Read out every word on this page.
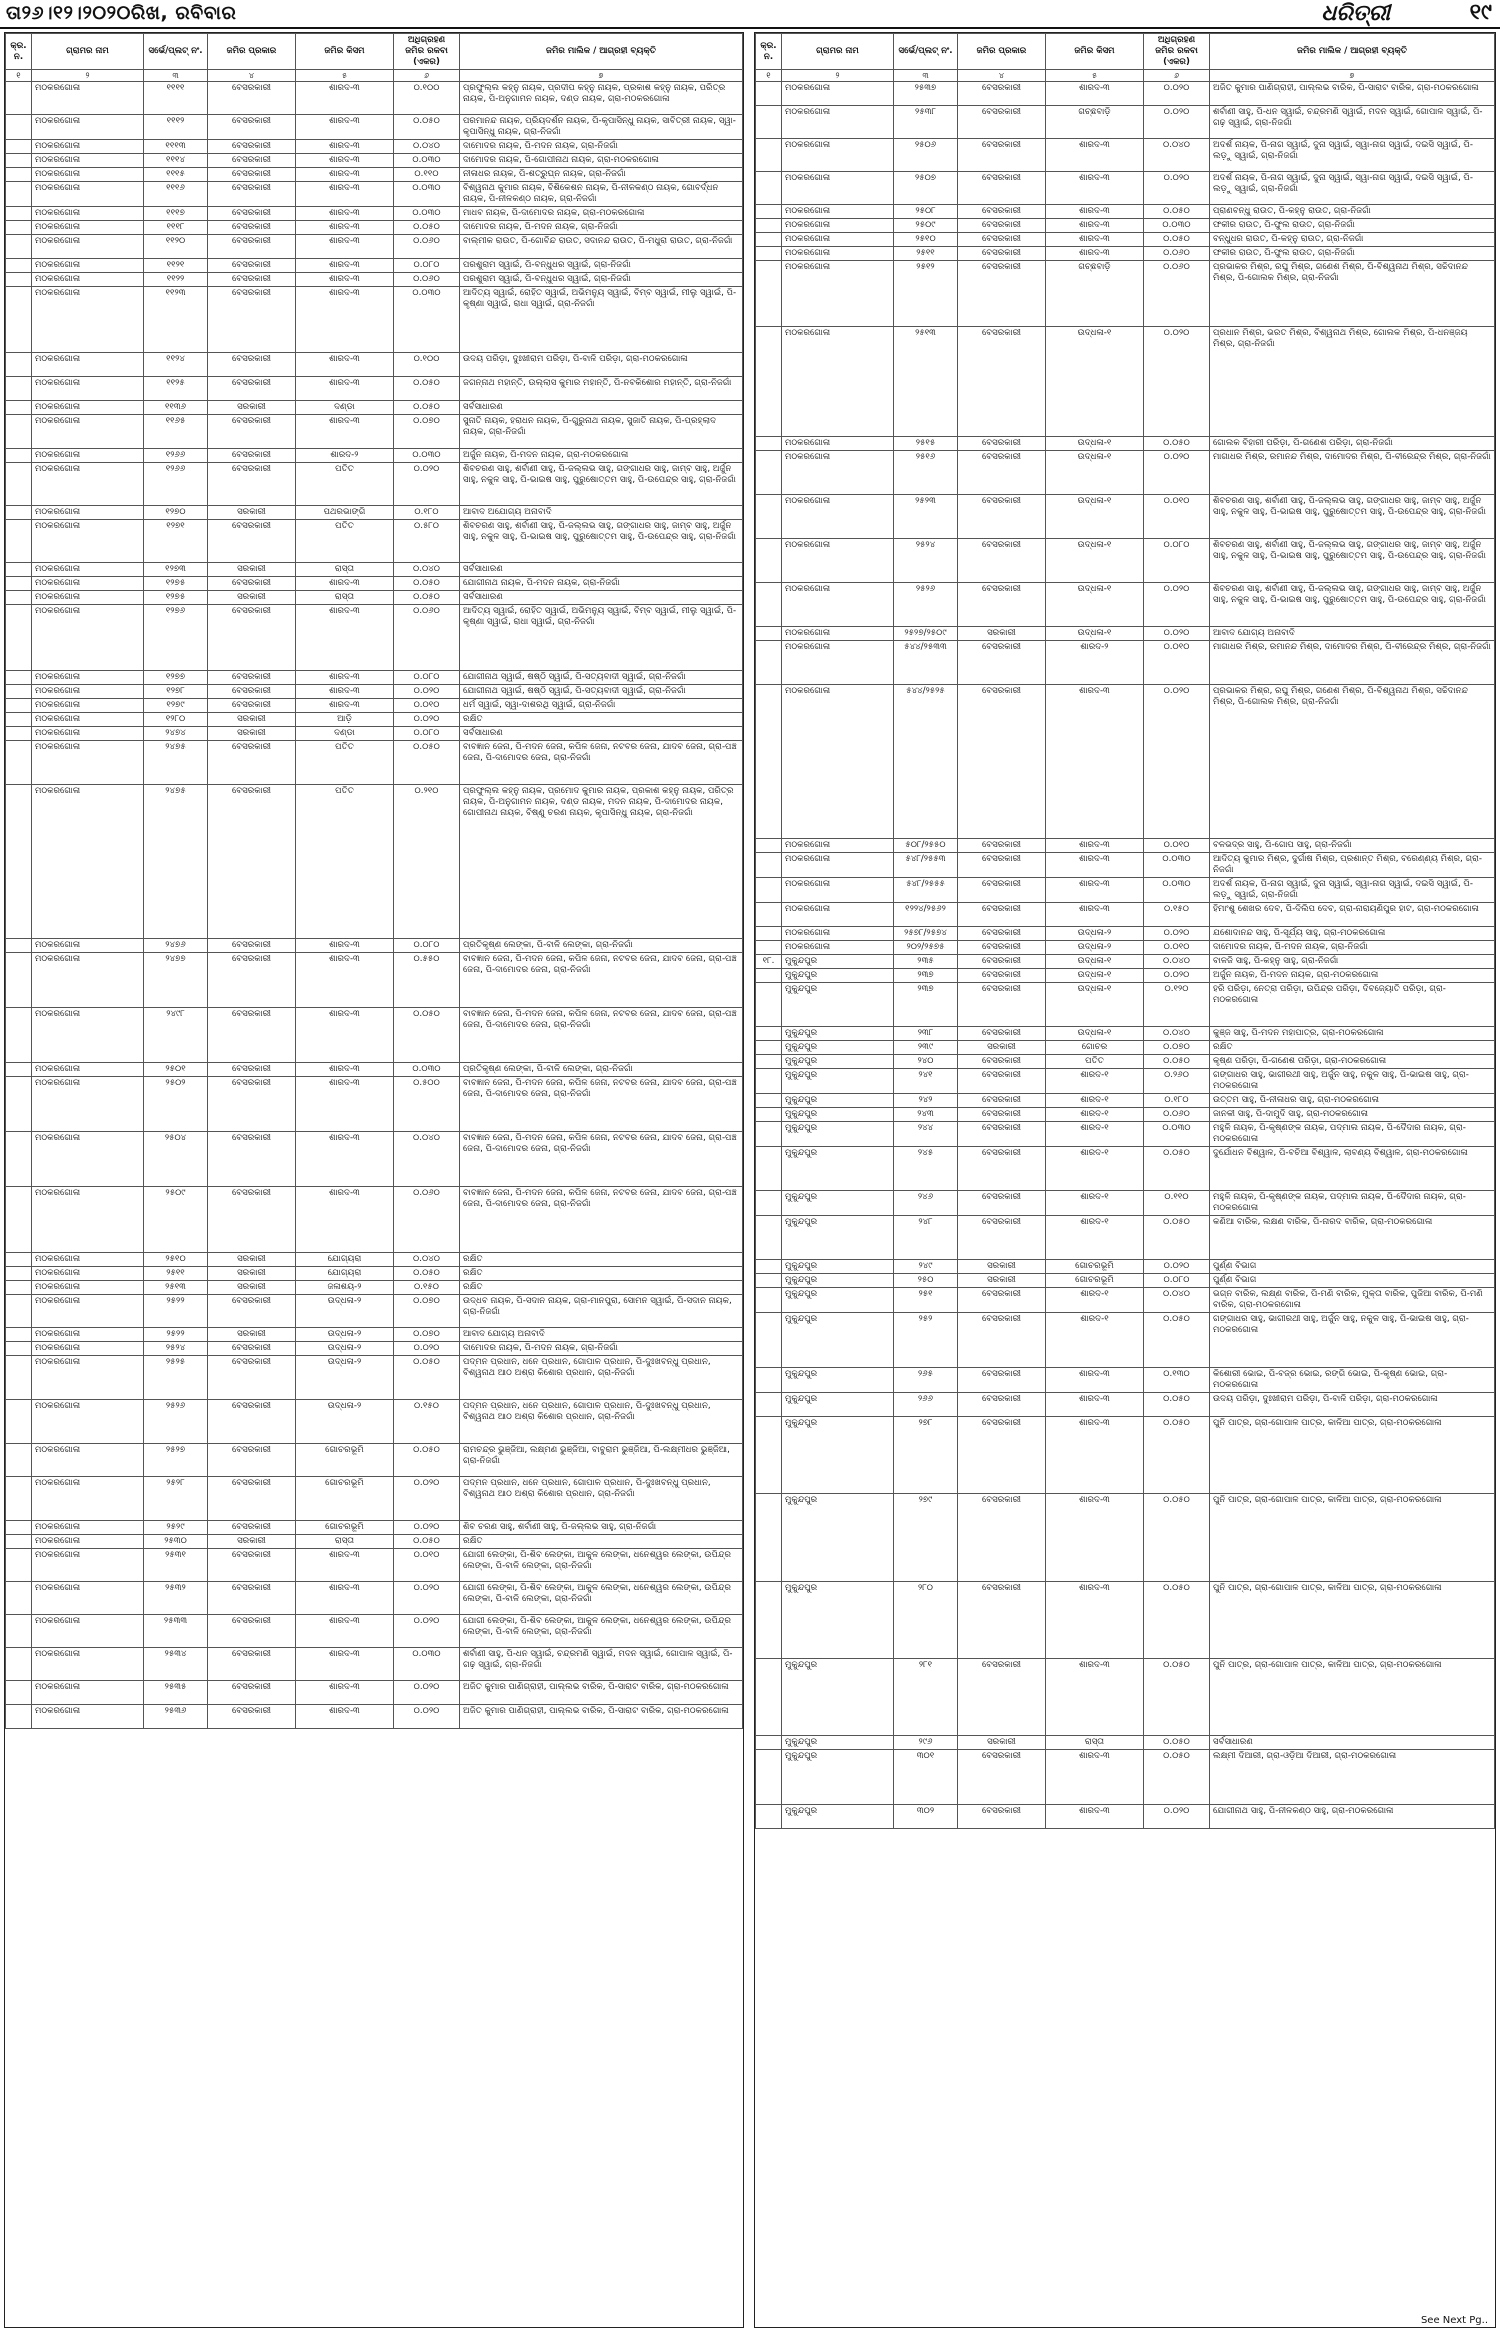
ତା୨୬।୧୨।୨୦୨୦ରିଖ, ରବିବାର	ଧରିତ୍ରୀ	୧୯
କ୍ର. ନ.	ଗ୍ରାମର ନାମ	ସର୍ଭେ/ପ୍ଲଟ୍ ନଂ.	ଜମିର ପ୍ରକାର	ଜମିର କିସମ	ଅଧିଗ୍ରହଣ ଜମିର ରକବା (ଏକର)	ଜମିର ମାଲିକ / ଆଗ୍ରହୀ ବ୍ୟକ୍ତି
୧	୨	୩	୪	୫	୬	୭
	ମଠକରଗୋଳା	୧୧୧୧	ବେସରକାରୀ	ଶାରଦ-୩	୦.୧୦୦	ପ୍ରଫୁଲ୍ଲ କହ୍ନୁ ନାୟକ, ପ୍ରଦୀପ କହ୍ନୁ ନାୟକ, ପ୍ରକାଶ କହ୍ନୁ ନାୟକ, ପରିତ୍ର ନାୟକ, ପି-ଅନୁଗାମନ ନାୟକ, ଦଣ୍ଡ ନାୟକ, ଗ୍ରା-ମଠକରଗୋଳା
	ମଠକରଗୋଳା	୧୧୧୨	ବେସରକାରୀ	ଶାରଦ-୩	୦.୦୫୦	ପରମାନନ୍ଦ ନାୟକ, ପ୍ରିୟଦର୍ଶନ ନାୟକ, ପି-କୃପାସିନ୍ଧୁ ନାୟକ, ସାବିତ୍ରୀ ନାୟକ, ସ୍ୱା-କୃପାସିନ୍ଧୁ ନାୟକ, ଗ୍ରା-ନିଜଗାଁ
	ମଠକରଗୋଳା	୧୧୧୩	ବେସରକାରୀ	ଶାରଦ-୩	୦.୦୪୦	ଦାମୋଦର ନାୟକ, ପି-ମଦନ ନାୟକ, ଗ୍ରା-ନିଜଗାଁ
	ମଠକରଗୋଳା	୧୧୧୪	ବେସରକାରୀ	ଶାରଦ-୩	୦.୦୩୦	ଦାମୋଦର ନାୟକ, ପି-ଗୋପୀନାଥ ନାୟକ, ଗ୍ରା-ମଠକରଗୋଳା
	ମଠକରଗୋଳା	୧୧୧୫	ବେସରକାରୀ	ଶାରଦ-୩	୦.୧୧୦	ନୀଳାଧର ନାୟକ, ପି-ଶତ୍ରୁଘ୍ନ ନାୟକ, ଗ୍ରା-ନିଜଗାଁ
	ମଠକରଗୋଳା	୧୧୧୬	ବେସରକାରୀ	ଶାରଦ-୩	୦.୦୩୦	ବିଶ୍ୱନାଥ କୁମାର ନାୟକ, ବିଶିକେଶନ ନାୟକ, ପି-ନୀଳକଣ୍ଠ ନାୟକ, ଗୋବର୍ଦ୍ଧନ ନାୟକ, ପି-ନୀଳକଣ୍ଠ ନାୟକ, ଗ୍ରା-ନିଜଗାଁ
	ମଠକରଗୋଳା	୧୧୧୭	ବେସରକାରୀ	ଶାରଦ-୩	୦.୦୩୦	ମାଧବ ନାୟକ, ପି-ଦାମୋଦର ନାୟକ, ଗ୍ରା-ମଠକରଗୋଳା
	ମଠକରଗୋଳା	୧୧୧୮	ବେସରକାରୀ	ଶାରଦ-୩	୦.୦୫୦	ଦାମୋଦର ନାୟକ, ପି-ମଦନ ନାୟକ, ଗ୍ରା-ନିଜଗାଁ
	ମଠକରଗୋଳା	୧୧୨୦	ବେସରକାରୀ	ଶାରଦ-୩	୦.୦୬୦	ବାଲ୍ମୀକ ରାଉତ, ପି-ଗୋବିନ୍ଦ ରାଉତ, ସଦାନନ୍ଦ ରାଉତ, ପି-ମଧୁରା ରାଉତ, ଗ୍ରା-ନିଜଗାଁ
	ମଠକରଗୋଳା	୧୧୨୧	ବେସରକାରୀ	ଶାରଦ-୩	୦.୦୮୦	ପରଶୁରାମ ସ୍ୱାଇଁ, ପି-ବନ୍ଧୁଧର ସ୍ୱାଇଁ, ଗ୍ରା-ନିଜଗାଁ
	ମଠକରଗୋଳା	୧୧୨୨	ବେସରକାରୀ	ଶାରଦ-୩	୦.୦୬୦	ପରଶୁରାମ ସ୍ୱାଇଁ, ପି-ବନ୍ଧୁଧର ସ୍ୱାଇଁ, ଗ୍ରା-ନିଜଗାଁ
	ମଠକରଗୋଳା	୧୧୨୩	ବେସରକାରୀ	ଶାରଦ-୩	୦.୦୩୦	ଆଦିତ୍ୟ ସ୍ୱାଇଁ, ରୋହିତ ସ୍ୱାଇଁ, ଅଭିମନ୍ୟୁ ସ୍ୱାଇଁ, ବିମ୍ବ ସ୍ୱାଇଁ, ମୀଲୁ ସ୍ୱାଇଁ, ପି-କୃଷ୍ଣା ସ୍ୱାଇଁ, ରାଧା ସ୍ୱାଇଁ, ଗ୍ରା-ନିଜଗାଁ
	ମଠକରଗୋଳା	୧୧୨୪	ବେସରକାରୀ	ଶାରଦ-୩	୦.୧୦୦	ଉଦୟ ପରିଡ଼ା, ଦୁଃଖୀରାମ ପରିଡ଼ା, ପି-ବାଳି ପରିଡ଼ା, ଗ୍ରା-ମଠକରଗୋଳା
	ମଠକରଗୋଳା	୧୧୨୫	ବେସରକାରୀ	ଶାରଦ-୩	୦.୦୫୦	ଜଗନ୍ନାଥ ମହାନ୍ତି, ଉଲ୍ଲାସ କୁମାର ମହାନ୍ତି, ପି-ନବକିଶୋର ମହାନ୍ତି, ଗ୍ରା-ନିଜଗାଁ
	ମଠକରଗୋଳା	୧୧୩୬	ସରକାରୀ	ଦଣ୍ଡା	୦.୦୫୦	ସର୍ବସାଧାରଣ
	ମଠକରଗୋଳା	୧୧୬୫	ବେସରକାରୀ	ଶାରଦ-୩	୦.୦୭୦	ସୁନାତି ନାୟକ, ହରାଧନ ନାୟକ, ପି-ଗୁରୁନାଥ ନାୟକ, ସୁଜାତି ନାୟକ, ପି-ପ୍ରହ୍ଲାଦ ନାୟକ, ଗ୍ରା-ନିଜଗାଁ
	ମଠକରଗୋଳା	୧୨୬୬	ବେସରକାରୀ	ଶାରଦ-୨	୦.୦୩୦	ଅର୍ଜୁନ ନାୟକ, ପି-ମଦନ ନାୟକ, ଗ୍ରା-ମଠକରଗୋଳା
	ମଠକରଗୋଳା	୧୨୬୬	ବେସରକାରୀ	ପତିତ	୦.୦୨୦	ଶିବଚରଣ ସାହୁ, ଶର୍ବାଣୀ ସାହୁ, ପି-ଜଲ୍ଲଭ ସାହୁ, ଗଙ୍ଗାଧର ସାହୁ, ଜାମ୍ବ ସାହୁ, ଅର୍ଜୁନ ସାହୁ, ନକୁଳ ସାହୁ, ପି-ଭାଇଷ ସାହୁ, ପୁରୁଷୋତ୍ତମ ସାହୁ, ପି-ଉପେନ୍ଦ୍ର ସାହୁ, ଗ୍ରା-ନିଜଗାଁ
	ମଠକରଗୋଳା	୧୨୭୦	ସରକାରୀ	ପଥରଭାଙ୍ଗି	୦.୧୮୦	ଆବାଦ ଅଯୋଗ୍ୟ ଅନାବାଦି
	ମଠକରଗୋଳା	୧୨୭୧	ବେସରକାରୀ	ପତିତ	୦.୫୮୦	ଶିବଚରଣ ସାହୁ, ଶର୍ବାଣୀ ସାହୁ, ପି-ଜଲ୍ଲଭ ସାହୁ, ଗଙ୍ଗାଧର ସାହୁ, ଜାମ୍ବ ସାହୁ, ଅର୍ଜୁନ ସାହୁ, ନକୁଳ ସାହୁ, ପି-ଭାଇଷ ସାହୁ, ପୁରୁଷୋତ୍ତମ ସାହୁ, ପି-ଉପେନ୍ଦ୍ର ସାହୁ, ଗ୍ରା-ନିଜଗାଁ
	ମଠକରଗୋଳା	୧୨୭୩	ସରକାରୀ	ରାସ୍ତା	୦.୦୪୦	ସର୍ବସାଧାରଣ
	ମଠକରଗୋଳା	୧୨୭୫	ବେସରକାରୀ	ଶାରଦ-୩	୦.୦୫୦	ଯୋଗୀନାଥ ନାୟକ, ପି-ମଦନ ନାୟକ, ଗ୍ରା-ନିଜଗାଁ
	ମଠକରଗୋଳା	୧୨୭୫	ସରକାରୀ	ରାସ୍ତା	୦.୦୫୦	ସର୍ବସାଧାରଣ
	ମଠକରଗୋଳା	୧୨୭୬	ବେସରକାରୀ	ଶାରଦ-୩	୦.୦୬୦	ଆଦିତ୍ୟ ସ୍ୱାଇଁ, ରୋହିତ ସ୍ୱାଇଁ, ଅଭିମନ୍ୟୁ ସ୍ୱାଇଁ, ବିମ୍ବ ସ୍ୱାଇଁ, ମୀଲୁ ସ୍ୱାଇଁ, ପି-କୃଷ୍ଣା ସ୍ୱାଇଁ, ରାଧା ସ୍ୱାଇଁ, ଗ୍ରା-ନିଜଗାଁ
	ମଠକରଗୋଳା	୧୨୭୭	ବେସରକାରୀ	ଶାରଦ-୩	୦.୦୮୦	ଯୋଗୀନାଥ ସ୍ୱାଇଁ, ଷଷ୍ଠି ସ୍ୱାଇଁ, ପି-ସତ୍ୟବାଦୀ ସ୍ୱାଇଁ, ଗ୍ରା-ନିଜଗାଁ
	ମଠକରଗୋଳା	୧୨୭୮	ବେସରକାରୀ	ଶାରଦ-୩	୦.୦୨୦	ଯୋଗୀନାଥ ସ୍ୱାଇଁ, ଷଷ୍ଠି ସ୍ୱାଇଁ, ପି-ସତ୍ୟବାଦୀ ସ୍ୱାଇଁ, ଗ୍ରା-ନିଜଗାଁ
	ମଠକରଗୋଳା	୧୨୭୯	ବେସରକାରୀ	ଶାରଦ-୩	୦.୦୧୦	ଧର୍ମ ସ୍ୱାଇଁ, ସ୍ୱା-ଦାଶରଥି ସ୍ୱାଇଁ, ଗ୍ରା-ନିଜଗାଁ
	ମଠକରଗୋଳା	୧୨୮୦	ସରକାରୀ	ଆଡ଼ି	୦.୦୨୦	ରକ୍ଷିତ
	ମଠକରଗୋଳା	୨୪୭୪	ସରକାରୀ	ଦଣ୍ଡା	୦.୦୮୦	ସର୍ବସାଧାରଣ
	ମଠକରଗୋଳା	୨୪୭୫	ବେସରକାରୀ	ପତିତ	୦.୦୫୦	ବାବଜ୍ଞାନ ଜେନା, ପି-ମଦନ ଜେନା, କପିଳ ଜେନା, ନଟବର ଜେନା, ଯାଦବ ଜେନା, ଗ୍ରା-ପଞ୍ଚ ଜେନା, ପି-ଦାମୋଦର ଜେନା, ଗ୍ରା-ନିଜଗାଁ
	ମଠକରଗୋଳା	୨୪୭୫	ବେସରକାରୀ	ପତିତ	୦.୨୧୦	ପ୍ରଫୁଲ୍ଲ କହ୍ନୁ ନାୟକ, ପ୍ରମୋଦ କୁମାର ନାୟକ, ପ୍ରକାଶ କହ୍ନୁ ନାୟକ, ପରିତ୍ର ନାୟକ, ପି-ଅନୁଗାମନ ନାୟକ, ଦଣ୍ଡ ନାୟକ, ମଦନ ନାୟକ, ପି-ଦାମୋଦର ନାୟକ, ଗୋପୀନାଥ ନାୟକ, ବିଷ୍ଣୁ ଚରଣ ନାୟକ, କୃପାସିନ୍ଧୁ ନାୟକ, ଗ୍ରା-ନିଜଗାଁ
	ମଠକରଗୋଳା	୨୪୭୬	ବେସରକାରୀ	ଶାରଦ-୩	୦.୦୮୦	ପ୍ରତିକୃଷ୍ଣ ଲେଙ୍କା, ପି-ବାଳି ଲେଙ୍କା, ଗ୍ରା-ନିଜଗାଁ
	ମଠକରଗୋଳା	୨୪୭୭	ବେସରକାରୀ	ଶାରଦ-୩	୦.୫୫୦	ବାବଜ୍ଞାନ ଜେନା, ପି-ମଦନ ଜେନା, କପିଳ ଜେନା, ନଟବର ଜେନା, ଯାଦବ ଜେନା, ଗ୍ରା-ପଞ୍ଚ ଜେନା, ପି-ଦାମୋଦର ଜେନା, ଗ୍ରା-ନିଜଗାଁ
	ମଠକରଗୋଳା	୨୪୯୮	ବେସରକାରୀ	ଶାରଦ-୩	୦.୦୫୦	ବାବଜ୍ଞାନ ଜେନା, ପି-ମଦନ ଜେନା, କପିଳ ଜେନା, ନଟବର ଜେନା, ଯାଦବ ଜେନା, ଗ୍ରା-ପଞ୍ଚ ଜେନା, ପି-ଦାମୋଦର ଜେନା, ଗ୍ରା-ନିଜଗାଁ
	ମଠକରଗୋଳା	୨୫୦୧	ବେସରକାରୀ	ଶାରଦ-୩	୦.୦୩୦	ପ୍ରତିକୃଷ୍ଣ ଲେଙ୍କା, ପି-ବାଳି ଲେଙ୍କା, ଗ୍ରା-ନିଜଗାଁ
	ମଠକରଗୋଳା	୨୫୦୨	ବେସରକାରୀ	ଶାରଦ-୩	୦.୫୦୦	ବାବଜ୍ଞାନ ଜେନା, ପି-ମଦନ ଜେନା, କପିଳ ଜେନା, ନଟବର ଜେନା, ଯାଦବ ଜେନା, ଗ୍ରା-ପଞ୍ଚ ଜେନା, ପି-ଦାମୋଦର ଜେନା, ଗ୍ରା-ନିଜଗାଁ
	ମଠକରଗୋଳା	୨୫୦୪	ବେସରକାରୀ	ଶାରଦ-୩	୦.୦୪୦	ବାବଜ୍ଞାନ ଜେନା, ପି-ମଦନ ଜେନା, କପିଳ ଜେନା, ନଟବର ଜେନା, ଯାଦବ ଜେନା, ଗ୍ରା-ପଞ୍ଚ ଜେନା, ପି-ଦାମୋଦର ଜେନା, ଗ୍ରା-ନିଜଗାଁ
	ମଠକରଗୋଳା	୨୫୦୯	ବେସରକାରୀ	ଶାରଦ-୩	୦.୦୬୦	ବାବଜ୍ଞାନ ଜେନା, ପି-ମଦନ ଜେନା, କପିଳ ଜେନା, ନଟବର ଜେନା, ଯାଦବ ଜେନା, ଗ୍ରା-ପଞ୍ଚ ଜେନା, ପି-ଦାମୋଦର ଜେନା, ଗ୍ରା-ନିଜଗାଁ
	ମଠକରଗୋଳା	୨୫୧୦	ସରକାରୀ	ଯୋଗ୍ୟରା	୦.୦୪୦	ରକ୍ଷିତ
	ମଠକରଗୋଳା	୨୫୧୧	ସରକାରୀ	ଯୋଗ୍ୟରା	୦.୦୫୦	ରକ୍ଷିତ
	ମଠକରଗୋଳା	୨୫୧୩	ସରକାରୀ	ଜଳାଶୟ-୨	୦.୧୫୦	ରକ୍ଷିତ
	ମଠକରଗୋଳା	୨୫୨୨	ବେସରକାରୀ	ଉଦ୍ଧଳା-୨	୦.୦୭୦	ଉଦ୍ଧବ ନାୟକ, ପି-ସଦାନ ନାୟକ, ଗ୍ରା-ମାନପୁରା, ସୋମନ ସ୍ୱାଇଁ, ପି-ସଦାନ ନାୟକ, ଗ୍ରା-ନିଜଗାଁ
	ମଠକରଗୋଳା	୨୫୨୨	ସରକାରୀ	ଉଦ୍ଧଳା-୨	୦.୦୭୦	ଆବାଦ ଯୋଗ୍ୟ ଅନାବାଦି
	ମଠକରଗୋଳା	୨୫୨୪	ବେସରକାରୀ	ଉଦ୍ଧଳା-୨	୦.୦୨୦	ଦାମୋଦର ନାୟକ, ପି-ମଦନ ନାୟକ, ଗ୍ରା-ନିଜଗାଁ
	ମଠକରଗୋଳା	୨୫୨୫	ବେସରକାରୀ	ଉଦ୍ଧଳା-୨	୦.୦୫୦	ପଦ୍ମନ ପ୍ରଧାନ, ଧନେ ପ୍ରଧାନ, ଗୋପାଳ ପ୍ରଧାନ, ପି-ଦୁଃଖବନ୍ଧୁ ପ୍ରଧାନ, ବିଶ୍ୱନାଥ ଆଠ ଅଶ୍ରା କିଶୋର ପ୍ରଧାନ, ଗ୍ରା-ନିଜଗାଁ
	ମଠକରଗୋଳା	୨୫୨୬	ବେସରକାରୀ	ଉଦ୍ଧଳା-୨	୦.୧୫୦	ପଦ୍ମନ ପ୍ରଧାନ, ଧନେ ପ୍ରଧାନ, ଗୋପାଳ ପ୍ରଧାନ, ପି-ଦୁଃଖବନ୍ଧୁ ପ୍ରଧାନ, ବିଶ୍ୱନାଥ ଆଠ ଅଶ୍ରା କିଶୋର ପ୍ରଧାନ, ଗ୍ରା-ନିଜଗାଁ
	ମଠକରଗୋଳା	୨୫୨୭	ବେସରକାରୀ	ଗୋଚରଭୂମି	୦.୦୫୦	ରାମଚନ୍ଦ୍ର ଭୁଞ୍ଜିଆ, ଲକ୍ଷ୍ମଣ ଭୁଞ୍ଜିଆ, ବାବୁରାମ ଭୁଞ୍ଜିଆ, ପି-ଲକ୍ଷ୍ମୀଧର ଭୁଞ୍ଜିଆ, ଗ୍ରା-ନିଜଗାଁ
	ମଠକରଗୋଳା	୨୫୨୮	ବେସରକାରୀ	ଗୋଚରଭୂମି	୦.୦୨୦	ପଦ୍ମନ ପ୍ରଧାନ, ଧନେ ପ୍ରଧାନ, ଗୋପାଳ ପ୍ରଧାନ, ପି-ଦୁଃଖବନ୍ଧୁ ପ୍ରଧାନ, ବିଶ୍ୱନାଥ ଆଠ ଅଶ୍ରା କିଶୋର ପ୍ରଧାନ, ଗ୍ରା-ନିଜଗାଁ
	ମଠକରଗୋଳା	୨୫୨୯	ବେସରକାରୀ	ଗୋଚରଭୂମି	୦.୦୨୦	ଶିବ ଚରଣ ସାହୁ, ଶର୍ବାଣୀ ସାହୁ, ପି-ଜଲ୍ଲଭ ସାହୁ, ଗ୍ରା-ନିଜଗାଁ
	ମଠକରଗୋଳା	୨୫୩୦	ସରକାରୀ	ରାସ୍ତା	୦.୦୫୦	ରକ୍ଷିତ
	ମଠକରଗୋଳା	୨୫୩୧	ବେସରକାରୀ	ଶାରଦ-୩	୦.୦୧୦	ଯୋଗୀ ଲେଙ୍କା, ପି-ଶିବ ଲେଙ୍କା, ଆକୁଳ ଲେଙ୍କା, ଧନେଶ୍ୱର ଲେଙ୍କା, ଉପିନ୍ଦ୍ର ଲେଙ୍କା, ପି-ବାଳି ଲେଙ୍କା, ଗ୍ରା-ନିଜଗାଁ
	ମଠକରଗୋଳା	୨୫୩୨	ବେସରକାରୀ	ଶାରଦ-୩	୦.୦୨୦	ଯୋଗୀ ଲେଙ୍କା, ପି-ଶିବ ଲେଙ୍କା, ଆକୁଳ ଲେଙ୍କା, ଧନେଶ୍ୱର ଲେଙ୍କା, ଉପିନ୍ଦ୍ର ଲେଙ୍କା, ପି-ବାଳି ଲେଙ୍କା, ଗ୍ରା-ନିଜଗାଁ
	ମଠକରଗୋଳା	୨୫୩୩	ବେସରକାରୀ	ଶାରଦ-୩	୦.୦୨୦	ଯୋଗୀ ଲେଙ୍କା, ପି-ଶିବ ଲେଙ୍କା, ଆକୁଳ ଲେଙ୍କା, ଧନେଶ୍ୱର ଲେଙ୍କା, ଉପିନ୍ଦ୍ର ଲେଙ୍କା, ପି-ବାଳି ଲେଙ୍କା, ଗ୍ରା-ନିଜଗାଁ
	ମଠକରଗୋଳା	୨୫୩୪	ବେସରକାରୀ	ଶାରଦ-୩	୦.୦୩୦	ଶର୍ବାଣୀ ସାହୁ, ପି-ଧନ ସ୍ୱାଇଁ, ଚନ୍ଦ୍ରମଣି ସ୍ୱାଇଁ, ମଦନ ସ୍ୱାଇଁ, ଗୋପାଳ ସ୍ୱାଇଁ, ପି-ଗଢ଼ ସ୍ୱାଇଁ, ଗ୍ରା-ନିଜଗାଁ
	ମଠକରଗୋଳା	୨୫୩୫	ବେସରକାରୀ	ଶାରଦ-୩	୦.୦୨୦	ଅଜିତ କୁମାର ପାଣିଗ୍ରାହୀ, ପାଲ୍ଲଭ ବାରିକ, ପି-ସାରାଟ ବାରିକ, ଗ୍ରା-ମଠକରଗୋଳା
	ମଠକରଗୋଳା	୨୫୩୬	ବେସରକାରୀ	ଶାରଦ-୩	୦.୦୨୦	ଅଜିତ କୁମାର ପାଣିଗ୍ରାହୀ, ପାଲ୍ଲଭ ବାରିକ, ପି-ସାରାଟ ବାରିକ, ଗ୍ରା-ମଠକରଗୋଳା
କ୍ର. ନ.	ଗ୍ରାମର ନାମ	ସର୍ଭେ/ପ୍ଲଟ୍ ନଂ.	ଜମିର ପ୍ରକାର	ଜମିର କିସମ	ଅଧିଗ୍ରହଣ ଜମିର ରକବା (ଏକର)	ଜମିର ମାଲିକ / ଆଗ୍ରହୀ ବ୍ୟକ୍ତି
୧	୨	୩	୪	୫	୬	୭
	ମଠକରଗୋଳା	୨୫୩୭	ବେସରକାରୀ	ଶାରଦ-୩	୦.୦୨୦	ଅଜିତ କୁମାର ପାଣିଗ୍ରାହୀ, ପାଲ୍ଲଭ ବାରିକ, ପି-ସାରାଟ ବାରିକ, ଗ୍ରା-ମଠକରଗୋଳା
	ମଠକରଗୋଳା	୨୫୩୮	ବେସରକାରୀ	ଗଚ୍ଛବାଡ଼ି	୦.୦୨୦	ଶର୍ବାଣୀ ସାହୁ, ପି-ଧନ ସ୍ୱାଇଁ, ଚନ୍ଦ୍ରମଣି ସ୍ୱାଇଁ, ମଦନ ସ୍ୱାଇଁ, ଗୋପାଳ ସ୍ୱାଇଁ, ପି-ଗଢ଼ ସ୍ୱାଇଁ, ଗ୍ରା-ନିଜଗାଁ
	ମଠକରଗୋଳା	୨୫୦୬	ବେସରକାରୀ	ଶାରଦ-୩	୦.୦୪୦	ଅଦର୍ଶ ନାୟକ, ପି-ନାଗ ସ୍ୱାଇଁ, ଦୁନା ସ୍ୱାଇଁ, ସ୍ୱା-ନାଗ ସ୍ୱାଇଁ, ଦଇସି ସ୍ୱାଇଁ, ପି-ଲଡ଼ୁ ସ୍ୱାଇଁ, ଗ୍ରା-ନିଜଗାଁ
	ମଠକରଗୋଳା	୨୫୦୭	ବେସରକାରୀ	ଶାରଦ-୩	୦.୦୨୦	ଅଦର୍ଶ ନାୟକ, ପି-ନାଗ ସ୍ୱାଇଁ, ଦୁନା ସ୍ୱାଇଁ, ସ୍ୱା-ନାଗ ସ୍ୱାଇଁ, ଦଇସି ସ୍ୱାଇଁ, ପି-ଲଡ଼ୁ ସ୍ୱାଇଁ, ଗ୍ରା-ନିଜଗାଁ
	ମଠକରଗୋଳା	୨୫୦୮	ବେସରକାରୀ	ଶାରଦ-୩	୦.୦୫୦	ପ୍ରାଣବନ୍ଧୁ ରାଉତ, ପି-କହ୍ନୁ ରାଉତ, ଗ୍ରା-ନିଜଗାଁ
	ମଠକରଗୋଳା	୨୫୦୯	ବେସରକାରୀ	ଶାରଦ-୩	୦.୦୩୦	ଫକୀର ରାଉତ, ପି-ଫୁଲ ରାଉତ, ଗ୍ରା-ନିଜଗାଁ
	ମଠକରଗୋଳା	୨୫୧୦	ବେସରକାରୀ	ଶାରଦ-୩	୦.୦୫୦	ବନ୍ଧୁଧର ରାଉତ, ପି-କହ୍ନୁ ରାଉତ, ଗ୍ରା-ନିଜଗାଁ
	ମଠକରଗୋଳା	୨୫୧୧	ବେସରକାରୀ	ଶାରଦ-୩	୦.୦୬୦	ଫକୀର ରାଉତ, ପି-ଫୁଲ ରାଉତ, ଗ୍ରା-ନିଜଗାଁ
	ମଠକରଗୋଳା	୨୫୧୨	ବେସରକାରୀ	ଗଚ୍ଛବାଡ଼ି	୦.୦୬୦	ପ୍ରଭାକର ମିଶ୍ର, ରଘୁ ମିଶ୍ର, ଗଣେଶ ମିଶ୍ର, ପି-ବିଶ୍ୱନାଥ ମିଶ୍ର, ସଚ୍ଚିଦାନନ୍ଦ ମିଶ୍ର, ପି-ଗୋଲକ ମିଶ୍ର, ଗ୍ରା-ନିଜଗାଁ
	ମଠକରଗୋଳା	୨୫୧୩	ବେସରକାରୀ	ଉଦ୍ଧଳା-୧	୦.୦୨୦	ପ୍ରଧାନ ମିଶ୍ର, ଭରତ ମିଶ୍ର, ବିଶ୍ୱନାଥ ମିଶ୍ର, ଗୋଲକ ମିଶ୍ର, ପି-ଧନଞ୍ଜୟ ମିଶ୍ର, ଗ୍ରା-ନିଜଗାଁ
	ମଠକରଗୋଳା	୨୫୧୫	ବେସରକାରୀ	ଉଦ୍ଧଳା-୧	୦.୦୫୦	ଗୋଲକ ବିହାରୀ ପରିଡ଼ା, ପି-ଗଣେଶ ପରିଡ଼ା, ଗ୍ରା-ନିଜଗାଁ
	ମଠକରଗୋଳା	୨୫୧୬	ବେସରକାରୀ	ଉଦ୍ଧଳା-୧	୦.୦୨୦	ମାଗାଧର ମିଶ୍ର, ରମାନନ୍ଦ ମିଶ୍ର, ଦାମୋଦର ମିଶ୍ର, ପି-ବୀରେନ୍ଦ୍ର ମିଶ୍ର, ଗ୍ରା-ନିଜଗାଁ
	ମଠକରଗୋଳା	୨୫୨୩	ବେସରକାରୀ	ଉଦ୍ଧଳା-୧	୦.୦୧୦	ଶିବଚରଣ ସାହୁ, ଶର୍ବାଣୀ ସାହୁ, ପି-ଜଲ୍ଲଭ ସାହୁ, ଗଙ୍ଗାଧର ସାହୁ, ଜାମ୍ବ ସାହୁ, ଅର୍ଜୁନ ସାହୁ, ନକୁଳ ସାହୁ, ପି-ଭାଇଷ ସାହୁ, ପୁରୁଷୋତ୍ତମ ସାହୁ, ପି-ଉପେନ୍ଦ୍ର ସାହୁ, ଗ୍ରା-ନିଜଗାଁ
	ମଠକରଗୋଳା	୨୫୨୪	ବେସରକାରୀ	ଉଦ୍ଧଳା-୧	୦.୦୮୦	ଶିବଚରଣ ସାହୁ, ଶର୍ବାଣୀ ସାହୁ, ପି-ଜଲ୍ଲଭ ସାହୁ, ଗଙ୍ଗାଧର ସାହୁ, ଜାମ୍ବ ସାହୁ, ଅର୍ଜୁନ ସାହୁ, ନକୁଳ ସାହୁ, ପି-ଭାଇଷ ସାହୁ, ପୁରୁଷୋତ୍ତମ ସାହୁ, ପି-ଉପେନ୍ଦ୍ର ସାହୁ, ଗ୍ରା-ନିଜଗାଁ
	ମଠକରଗୋଳା	୨୫୨୬	ବେସରକାରୀ	ଉଦ୍ଧଳା-୧	୦.୦୨୦	ଶିବଚରଣ ସାହୁ, ଶର୍ବାଣୀ ସାହୁ, ପି-ଜଲ୍ଲଭ ସାହୁ, ଗଙ୍ଗାଧର ସାହୁ, ଜାମ୍ବ ସାହୁ, ଅର୍ଜୁନ ସାହୁ, ନକୁଳ ସାହୁ, ପି-ଭାଇଷ ସାହୁ, ପୁରୁଷୋତ୍ତମ ସାହୁ, ପି-ଉପେନ୍ଦ୍ର ସାହୁ, ଗ୍ରା-ନିଜଗାଁ
	ମଠକରଗୋଳା	୨୫୨୭/୨୫୦୯	ସରକାରୀ	ଉଦ୍ଧଳା-୧	୦.୦୨୦	ଆବାଦ ଯୋଗ୍ୟ ଅନାବାଦି
	ମଠକରଗୋଳା	୫୪୪/୨୫୩୩	ବେସରକାରୀ	ଶାରଦ-୨	୦.୦୧୦	ମାଗାଧର ମିଶ୍ର, ରମାନନ୍ଦ ମିଶ୍ର, ଦାମୋଦର ମିଶ୍ର, ପି-ବୀରେନ୍ଦ୍ର ମିଶ୍ର, ଗ୍ରା-ନିଜଗାଁ
	ମଠକରଗୋଳା	୫୪୪/୨୫୨୫	ବେସରକାରୀ	ଶାରଦ-୩	୦.୦୨୦	ପ୍ରଭାକର ମିଶ୍ର, ରଘୁ ମିଶ୍ର, ଗଣେଶ ମିଶ୍ର, ପି-ବିଶ୍ୱନାଥ ମିଶ୍ର, ସଚ୍ଚିଦାନନ୍ଦ ମିଶ୍ର, ପି-ଗୋଲକ ମିଶ୍ର, ଗ୍ରା-ନିଜଗାଁ
	ମଠକରଗୋଳା	୫୦୮/୨୫୫୦	ବେସରକାରୀ	ଶାରଦ-୩	୦.୦୧୦	ବଳଭଦ୍ର ସାହୁ, ପି-ଗୋପ ସାହୁ, ଗ୍ରା-ନିଜଗାଁ
	ମଠକରଗୋଳା	୫୪୮/୨୫୫୩	ବେସରକାରୀ	ଶାରଦ-୩	୦.୦୩୦	ଆଦିତ୍ୟ କୁମାର ମିଶ୍ର, ଦୁର୍ଗାଷ ମିଶ୍ର, ପ୍ରଶାନ୍ତ ମିଶ୍ର, ବରେଣ୍ଣ୍ୟ ମିଶ୍ର, ଗ୍ରା-ନିଜଗାଁ
	ମଠକରଗୋଳା	୫୪୮/୨୫୫୫	ବେସରକାରୀ	ଶାରଦ-୩	୦.୦୩୦	ଅଦର୍ଶ ନାୟକ, ପି-ନାଗ ସ୍ୱାଇଁ, ଦୁନା ସ୍ୱାଇଁ, ସ୍ୱା-ନାଗ ସ୍ୱାଇଁ, ଦଇସି ସ୍ୱାଇଁ, ପି-ଲଡ଼ୁ ସ୍ୱାଇଁ, ଗ୍ରା-ନିଜଗାଁ
	ମଠକରଗୋଳା	୧୨୨୪/୨୫୬୨	ବେସରକାରୀ	ଶାରଦ-୩	୦.୧୫୦	ହିମାଂଶୁ ଶେଖର ଦେବ, ପି-ଦିଲିପ ଦେବ, ଗ୍ରା-ନାରାୟଣିପୁର ହାଟ, ଗ୍ରା-ମଠକରଗୋଳା
	ମଠକରଗୋଳା	୨୫୭୮/୨୫୭୪	ବେସରକାରୀ	ଉଦ୍ଧଳା-୨	୦.୦୨୦	ଯଶୋଦାନନ୍ଦ ସାହୁ, ପି-ସୂର୍ଯ୍ୟ ସାହୁ, ଗ୍ରା-ମଠକରଗୋଳା
	ମଠକରଗୋଳା	୨୦୨/୨୫୭୫	ବେସରକାରୀ	ଉଦ୍ଧଳା-୨	୦.୦୧୦	ଦାମୋଦର ନାୟକ, ପି-ମଦନ ନାୟକ, ଗ୍ରା-ନିଜଗାଁ
୧୮.	ମୁକୁନ୍ଦପୁର	୨୩୫	ବେସରକାରୀ	ଉଦ୍ଧଳା-୧	୦.୦୪୦	ବାଳଜି ସାହୁ, ପି-କହ୍ନୁ ସାହୁ, ଗ୍ରା-ନିଜଗାଁ
	ମୁକୁନ୍ଦପୁର	୨୩୭	ବେସରକାରୀ	ଉଦ୍ଧଳା-୧	୦.୦୨୦	ଅର୍ଜୁନ ନାୟକ, ପି-ମଦନ ନାୟକ, ଗ୍ରା-ମଠକରଗୋଳା
	ମୁକୁନ୍ଦପୁର	୨୩୭	ବେସରକାରୀ	ଉଦ୍ଧଳା-୧	୦.୧୨୦	ହରି ପରିଡ଼ା, ନେତ୍ରା ପରିଡ଼ା, ଉପିନ୍ଦ୍ର ପରିଡ଼ା, ଦିବଜ୍ୟୋତି ପରିଡ଼ା, ଗ୍ରା-ମଠକରଗୋଳା
	ମୁକୁନ୍ଦପୁର	୨୩୮	ବେସରକାରୀ	ଉଦ୍ଧଳା-୧	୦.୦୪୦	କୁଞ୍ଜ ସାହୁ, ପି-ମଦନ ମହାପାତ୍ର, ଗ୍ରା-ମଠକରଗୋଳା
	ମୁକୁନ୍ଦପୁର	୨୩୯	ସରକାରୀ	ଗୋଚର	୦.୦୭୦	ରକ୍ଷିତ
	ମୁକୁନ୍ଦପୁର	୨୪୦	ବେସରକାରୀ	ପତିତ	୦.୦୫୦	କୃଷ୍ଣ ପରିଡ଼ା, ପି-ଗଣେଶ ପରିଡ଼ା, ଗ୍ରା-ମଠକରଗୋଳା
	ମୁକୁନ୍ଦପୁର	୨୪୧	ବେସରକାରୀ	ଶାରଦ-୧	୦.୨୬୦	ଗଙ୍ଗାଧର ସାହୁ, ଭାଗୀରଥୀ ସାହୁ, ଅର୍ଜୁନ ସାହୁ, ନକୁଳ ସାହୁ, ପି-ଭାଇଷ ସାହୁ, ଗ୍ରା-ମଠକରଗୋଳା
	ମୁକୁନ୍ଦପୁର	୨୪୨	ବେସରକାରୀ	ଶାରଦ-୧	୦.୧୮୦	ଉତ୍ତମ ସାହୁ, ପି-ନୀଳାଧର ସାହୁ, ଗ୍ରା-ମଠକରଗୋଳା
	ମୁକୁନ୍ଦପୁର	୨୪୩	ବେସରକାରୀ	ଶାରଦ-୧	୦.୦୬୦	ଜାନକୀ ସାହୁ, ପି-ଦାମୁଦି ସାହୁ, ଗ୍ରା-ମଠକରଗୋଳା
	ମୁକୁନ୍ଦପୁର	୨୪୪	ବେସରକାରୀ	ଶାରଦ-୧	୦.୦୩୦	ମହୁଳି ନାୟକ, ପି-କୃଷ୍ଣଙ୍କ ନାୟକ, ପଦ୍ମାଲ ନାୟକ, ପି-ଦୈଦାର ନାୟକ, ଗ୍ରା-ମଠକରଗୋଳା
	ମୁକୁନ୍ଦପୁର	୨୪୫	ବେସରକାରୀ	ଶାରଦ-୧	୦.୦୫୦	ଦୁର୍ଯୋଧନ ବିଶ୍ୱାଳ, ପି-ବଚିଆ ବିଶ୍ୱାଳ, ଲାବଣ୍ୟ ବିଶ୍ୱାଳ, ଗ୍ରା-ମଠକରଗୋଳା
	ମୁକୁନ୍ଦପୁର	୨୪୬	ବେସରକାରୀ	ଶାରଦ-୧	୦.୧୧୦	ମହୁଳି ନାୟକ, ପି-କୃଷ୍ଣଙ୍କ ନାୟକ, ପଦ୍ମାଲ ନାୟକ, ପି-ଦୈଦାର ନାୟକ, ଗ୍ରା-ମଠକରଗୋଳା
	ମୁକୁନ୍ଦପୁର	୨୪୮	ବେସରକାରୀ	ଶାରଦ-୧	୦.୦୫୦	କଣିଆ ବାରିକ, ଲକ୍ଷଣ ବାରିକ, ପି-ନାରଦ ବାରିକ, ଗ୍ରା-ମଠକରଗୋଳା
	ମୁକୁନ୍ଦପୁର	୨୪୯	ସରକାରୀ	ଗୋଚରଭୂମି	୦.୦୨୦	ପୁର୍ଣ୍ଣ ବିଭାଗ
	ମୁକୁନ୍ଦପୁର	୨୫୦	ସରକାରୀ	ଗୋଚରଭୂମି	୦.୦୮୦	ପୁର୍ଣ୍ଣ ବିଭାଗ
	ମୁକୁନ୍ଦପୁର	୨୫୧	ବେସରକାରୀ	ଶାରଦ-୧	୦.୦୪୦	ଭଗ୍ନ ବାରିକ, ଲକ୍ଷ୍ଣ ବାରିକ, ପି-ମଣି ବାରିକ, ମୁକ୍ତା ବାରିକ, ପୁଜିଆ ବାରିକ, ପି-ମଣି ବାରିକ, ଗ୍ରା-ମଠକରଗୋଳା
	ମୁକୁନ୍ଦପୁର	୨୫୨	ବେସରକାରୀ	ଶାରଦ-୧	୦.୦୫୦	ଗଙ୍ଗାଧର ସାହୁ, ଭାଗୀରଥୀ ସାହୁ, ଅର୍ଜୁନ ସାହୁ, ନକୁଳ ସାହୁ, ପି-ଭାଇଷ ସାହୁ, ଗ୍ରା-ମଠକରଗୋଳା
	ମୁକୁନ୍ଦପୁର	୨୬୫	ବେସରକାରୀ	ଶାରଦ-୩	୦.୧୩୦	କିଶୋରୀ ଭୋଇ, ପି-ବଜ୍ର ଭୋଇ, ରଙ୍ଗି ଭୋଇ, ପି-କୃଷ୍ଣ ଭୋଇ, ଗ୍ରା-ମଠକରଗୋଳା
	ମୁକୁନ୍ଦପୁର	୨୬୬	ବେସରକାରୀ	ଶାରଦ-୩	୦.୦୫୦	ଉଦୟ ପରିଡ଼ା, ଦୁଃଖୀରାମ ପରିଡ଼ା, ପି-ବାଳି ପରିଡ଼ା, ଗ୍ରା-ମଠକରଗୋଳା
	ମୁକୁନ୍ଦପୁର	୨୭୮	ବେସରକାରୀ	ଶାରଦ-୩	୦.୦୫୦	ପୁନି ପାତ୍ର, ଗ୍ରା-ଗୋପାଳ ପାତ୍ର, କାଳିଆ ପାତ୍ର, ଗ୍ରା-ମଠକରଗୋଳା
	ମୁକୁନ୍ଦପୁର	୨୭୯	ବେସରକାରୀ	ଶାରଦ-୩	୦.୦୫୦	ପୁନି ପାତ୍ର, ଗ୍ରା-ଗୋପାଳ ପାତ୍ର, କାଳିଆ ପାତ୍ର, ଗ୍ରା-ମଠକରଗୋଳା
	ମୁକୁନ୍ଦପୁର	୨୮୦	ବେସରକାରୀ	ଶାରଦ-୩	୦.୦୫୦	ପୁନି ପାତ୍ର, ଗ୍ରା-ଗୋପାଳ ପାତ୍ର, କାଳିଆ ପାତ୍ର, ଗ୍ରା-ମଠକରଗୋଳା
	ମୁକୁନ୍ଦପୁର	୨୮୧	ବେସରକାରୀ	ଶାରଦ-୩	୦.୦୫୦	ପୁନି ପାତ୍ର, ଗ୍ରା-ଗୋପାଳ ପାତ୍ର, କାଳିଆ ପାତ୍ର, ଗ୍ରା-ମଠକରଗୋଳା
	ମୁକୁନ୍ଦପୁର	୨୯୬	ସରକାରୀ	ରାସ୍ତା	୦.୦୫୦	ସର୍ବସାଧାରଣ
	ମୁକୁନ୍ଦପୁର	୩୦୧	ବେସରକାରୀ	ଶାରଦ-୩	୦.୦୫୦	ଲକ୍ଷ୍ମୀ ଦିଆରୀ, ଗ୍ରା-ଓଡ଼ିଆ ଦିଆରୀ, ଗ୍ରା-ମଠକରଗୋଳା
	ମୁକୁନ୍ଦପୁର	୩୦୨	ବେସରକାରୀ	ଶାରଦ-୩	୦.୦୨୦	ଯୋଗୀନାଥ ସାହୁ, ପି-ନୀଳକଣ୍ଠ ସାହୁ, ଗ୍ରା-ମଠକରଗୋଳା
See Next Pg..
